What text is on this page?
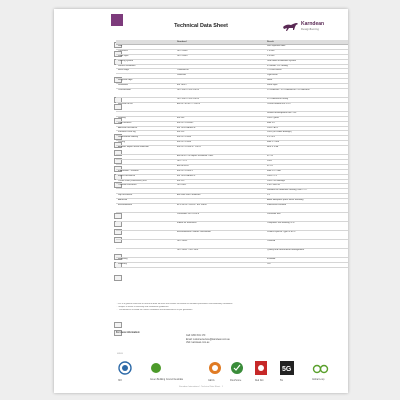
Technical Data Sheet	Karndean
Designflooring
	Standard	Result
Size		See separate table
Thickness	ISO 24346	2.5 mm
Wear layer	ISO 24340	0.3 mm
Locking system		Glue down installation system
Surface treatment		K-Guard+ PU coating
Bevel edge	Commercial	T5 Laser bevel
	Domestic	Light bevel
Recycled edge		None
Standards	EN 16511	Wear layer
Classification	ISO 10874 / EN 10874	23 Domestic / 33 Commercial / 42 Industrial
	ISO 10874 / EN 10874	33 Commercial heavy
Reaction to fire	AS ISO 9239.1 / 1530.3	Critical radiant flux ≥ 4.5
		Smoke development rate: 250
Stability	EN 434	Pass / good
Light fastness	EN ISO 105-B02	Max ≥ 6
Abrasion resistance	EN 13329 Annex E	Pass / AC4
Furniture chair leg	EN 424	Pass (no visible damage)
Dimensional stability	EN ISO 23999	≤ 0.25%
Curling	EN ISO 23999	Max ≤ 2 mm
Acoustic impact noise reduction	EN ISO 10140-3 / 10141	ΔLw = 3 dB
	ASTM E2179 Impact Insulation Class	IIC 53
	ISO 717-2	Pass
	ASTM E492	IIC 61
Indentation - residual	EN ISO 24343-1	Max ≤ 0.1 mm
Impact resistance	EN 13329 Annex F	Pass / IC2
Castor chair (continuous) test	EN 425	Pass / No damage
Thermal resistance	ISO 8302	0.012 m²K/W
		Suitable for underfloor heating, max 27°C
Slip resistance	AS 4586 Wet Pendulum	P3
Adhesion		Allow adequate space when installing
Environmental	EPD to ISO 14025 / EN 15804	FloorScore certified
	Phthalates ISO 8124-6	Phthalate free
	Indoor air emissions	Compliant: low emitting VOC
	Environmental Product Declaration	Product specific Type III EPD
	ISO 14001	Certified
	ISO 14001 / ISO 9001	Quality and environment management
Recycling		Included
Warranty		Yes
* This is a general overview of technical data. All tests and results are based on standard procedures and laboratory conditions.
** Subject to terms of warranty and installation guidelines.
*** Performance is based on correct installation and maintenance as per guidelines.
For more information:
Call: 1800 331 170
Email: customerservice@karndean.com.au
Visit: karndean.com.au
V4.01
ISO	Green Building Council Australia	GECA	FloorScore	Red Dot
5G
5G	Global Loop
Karndean International · Technical Data Sheet · 1
